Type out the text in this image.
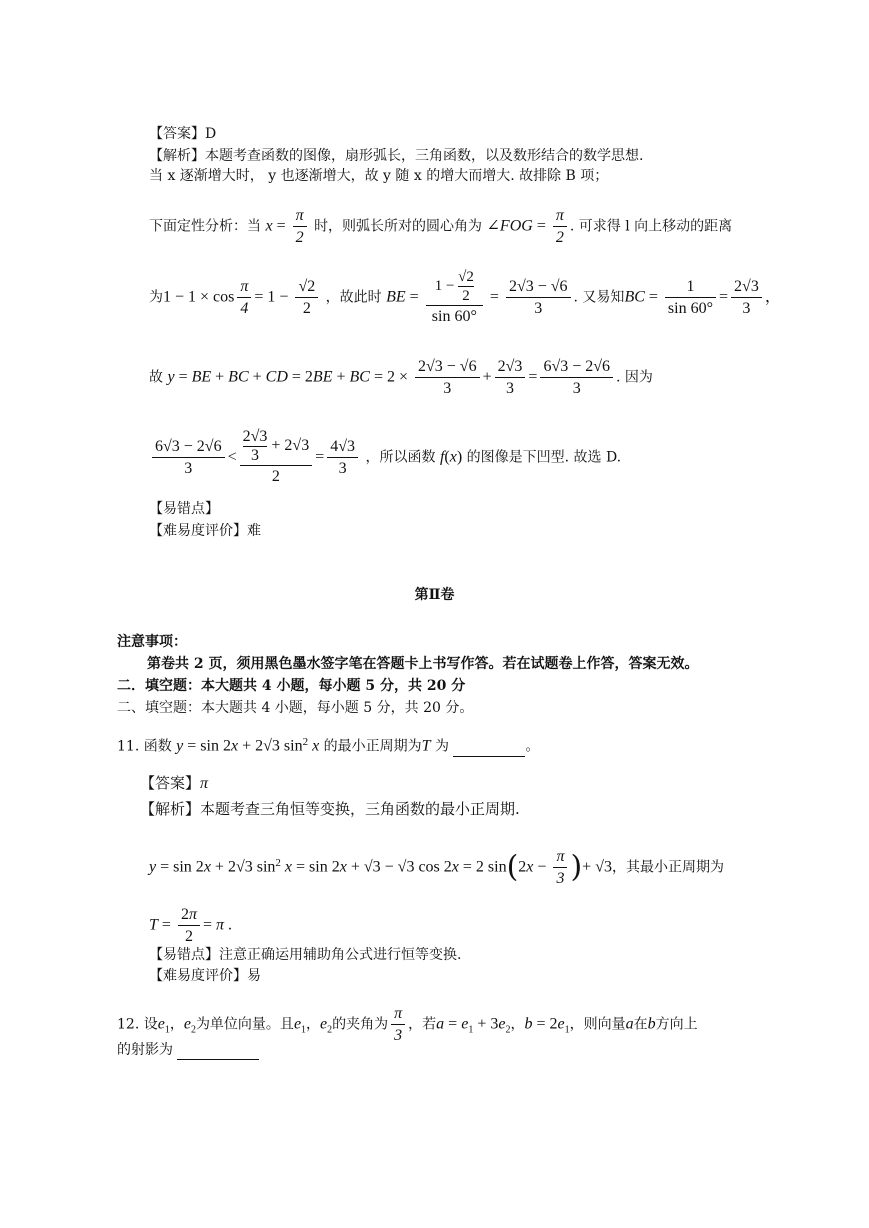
【答案】D
【解析】本题考查函数的图像，扇形弧长，三角函数，以及数形结合的数学思想.
当 x 逐渐增大时， y 也逐渐增大，故 y 随 x 的增大而增大. 故排除 B 项；
下面定性分析：当 $x = \frac{\pi}{2}$ 时，则弧长所对的圆心角为 ∠FOG = $\frac{\pi}{2}$ . 可求得 l 向上移动的距离
为$1 - 1 \times \cos \frac{\pi}{4} = 1 - \frac{√2}{2}$ ，故此时 BE = $\frac{1 - \frac{√2}{2}}{\sin 60^\circ} = \frac{2√3 - √6}{3}$ . 又易知BC = $\frac{1}{\sin 60^\circ} = \frac{2√3}{3}$ ，
故 y = BE + BC + CD = 2BE + BC = $2 \times \frac{2√3 - √6}{3} + \frac{2√3}{3} = \frac{6√3 - 2√6}{3}$ . 因为
$\frac{6√3 - 2√6}{3} < \frac{\frac{2√3}{3} + 2√3}{2} = \frac{4√3}{3}$ ，所以函数 f(x) 的图像是下凹型. 故选 D.
【易错点】
【难易度评价】难
第Ⅱ卷
注意事项：
第卷共 2 页，须用黑色墨水签字笔在答题卡上书写作答。若在试题卷上作答，答案无效。
二．填空题：本大题共 4 小题，每小题 5 分，共 20 分
二、填空题：本大题共 4 小题，每小题 5 分，共 20 分。
11. 函数 y = sin 2x + 2√3 $\sin^2 x$ 的最小正周期为T 为	。
【答案】π
【解析】本题考查三角恒等变换，三角函数的最小正周期.
y = sin 2x + 2√3 $\sin^2 x = \sin 2x + √3 - √3$ cos 2x = 2 $\sin(2x - \frac{\pi}{3}$ )+ √3，其最小正周期为
$T = \frac{2\pi}{2} = \pi$ .
【易错点】注意正确运用辅助角公式进行恒等变换.
【难易度评价】易
12. 设$e_1$，$e_2$为单位向量。且$e_1$，$e_2$的夹角为 $\frac{\pi}{3}$ ，若$a = e_1 + 3e_2$，$b = 2e_1$，则向量a在b方向上
的射影为
